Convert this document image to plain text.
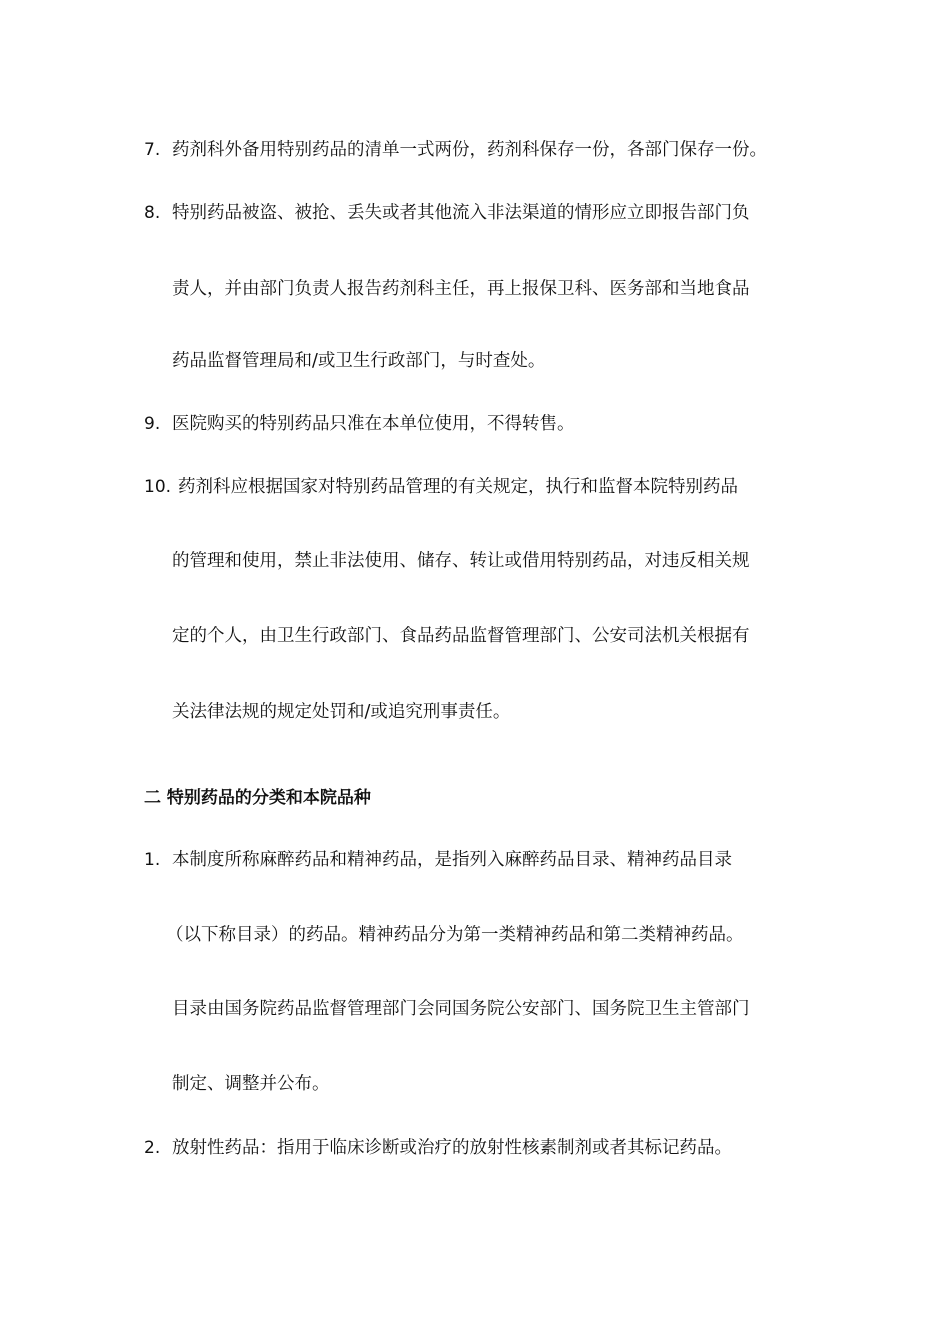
7. 药剂科外备用特别药品的清单一式两份，药剂科保存一份，各部门保存一份。
8. 特别药品被盗、被抢、丢失或者其他流入非法渠道的情形应立即报告部门负
责人，并由部门负责人报告药剂科主任，再上报保卫科、医务部和当地食品
药品监督管理局和/或卫生行政部门，与时查处。
9. 医院购买的特别药品只准在本单位使用，不得转售。
10. 药剂科应根据国家对特别药品管理的有关规定，执行和监督本院特别药品
的管理和使用，禁止非法使用、储存、转让或借用特别药品，对违反相关规
定的个人，由卫生行政部门、食品药品监督管理部门、公安司法机关根据有
关法律法规的规定处罚和/或追究刑事责任。
二 特别药品的分类和本院品种
1. 本制度所称麻醉药品和精神药品，是指列入麻醉药品目录、精神药品目录
（以下称目录）的药品。精神药品分为第一类精神药品和第二类精神药品。
目录由国务院药品监督管理部门会同国务院公安部门、国务院卫生主管部门
制定、调整并公布。
2. 放射性药品：指用于临床诊断或治疗的放射性核素制剂或者其标记药品。
